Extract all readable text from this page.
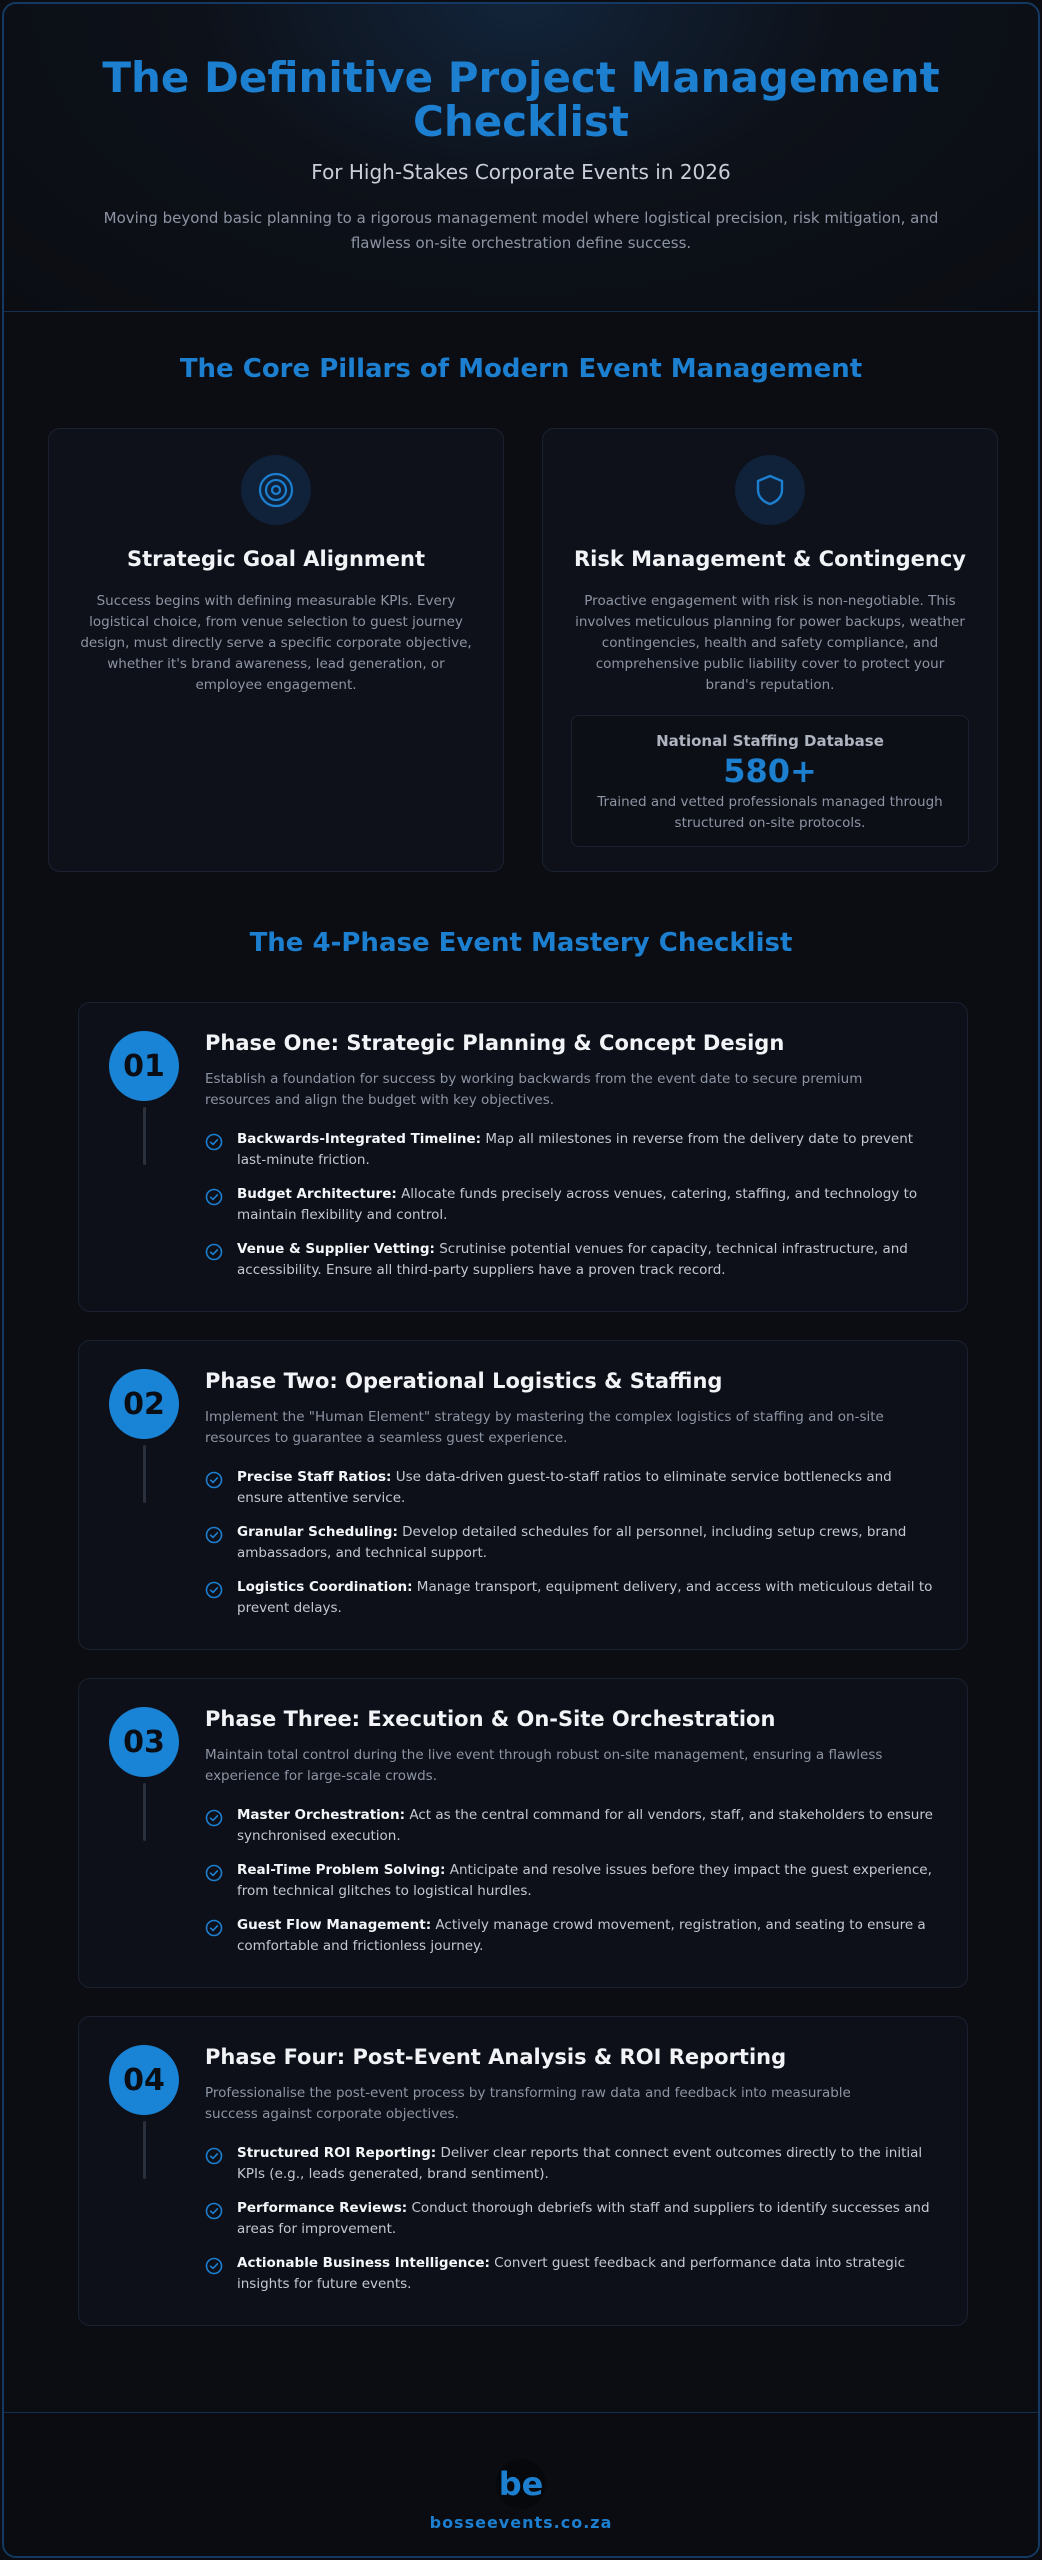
The Definitive Project Management Checklist
For High-Stakes Corporate Events in 2026
Moving beyond basic planning to a rigorous management model where logistical precision, risk mitigation, and flawless on-site orchestration define success.
The Core Pillars of Modern Event Management
Strategic Goal Alignment
Success begins with defining measurable KPIs. Every logistical choice, from venue selection to guest journey design, must directly serve a specific corporate objective, whether it's brand awareness, lead generation, or employee engagement.
Risk Management & Contingency
Proactive engagement with risk is non-negotiable. This involves meticulous planning for power backups, weather contingencies, health and safety compliance, and comprehensive public liability cover to protect your brand's reputation.
National Staffing Database
580+
Trained and vetted professionals managed through structured on-site protocols.
The 4-Phase Event Mastery Checklist
01
Phase One: Strategic Planning & Concept Design
Establish a foundation for success by working backwards from the event date to secure premium resources and align the budget with key objectives.
Backwards-Integrated Timeline: Map all milestones in reverse from the delivery date to prevent last-minute friction.
Budget Architecture: Allocate funds precisely across venues, catering, staffing, and technology to maintain flexibility and control.
Venue & Supplier Vetting: Scrutinise potential venues for capacity, technical infrastructure, and accessibility. Ensure all third-party suppliers have a proven track record.
02
Phase Two: Operational Logistics & Staffing
Implement the "Human Element" strategy by mastering the complex logistics of staffing and on-site resources to guarantee a seamless guest experience.
Precise Staff Ratios: Use data-driven guest-to-staff ratios to eliminate service bottlenecks and ensure attentive service.
Granular Scheduling: Develop detailed schedules for all personnel, including setup crews, brand ambassadors, and technical support.
Logistics Coordination: Manage transport, equipment delivery, and access with meticulous detail to prevent delays.
03
Phase Three: Execution & On-Site Orchestration
Maintain total control during the live event through robust on-site management, ensuring a flawless experience for large-scale crowds.
Master Orchestration: Act as the central command for all vendors, staff, and stakeholders to ensure synchronised execution.
Real-Time Problem Solving: Anticipate and resolve issues before they impact the guest experience, from technical glitches to logistical hurdles.
Guest Flow Management: Actively manage crowd movement, registration, and seating to ensure a comfortable and frictionless journey.
04
Phase Four: Post-Event Analysis & ROI Reporting
Professionalise the post-event process by transforming raw data and feedback into measurable success against corporate objectives.
Structured ROI Reporting: Deliver clear reports that connect event outcomes directly to the initial KPIs (e.g., leads generated, brand sentiment).
Performance Reviews: Conduct thorough debriefs with staff and suppliers to identify successes and areas for improvement.
Actionable Business Intelligence: Convert guest feedback and performance data into strategic insights for future events.
be
bosseevents.co.za
